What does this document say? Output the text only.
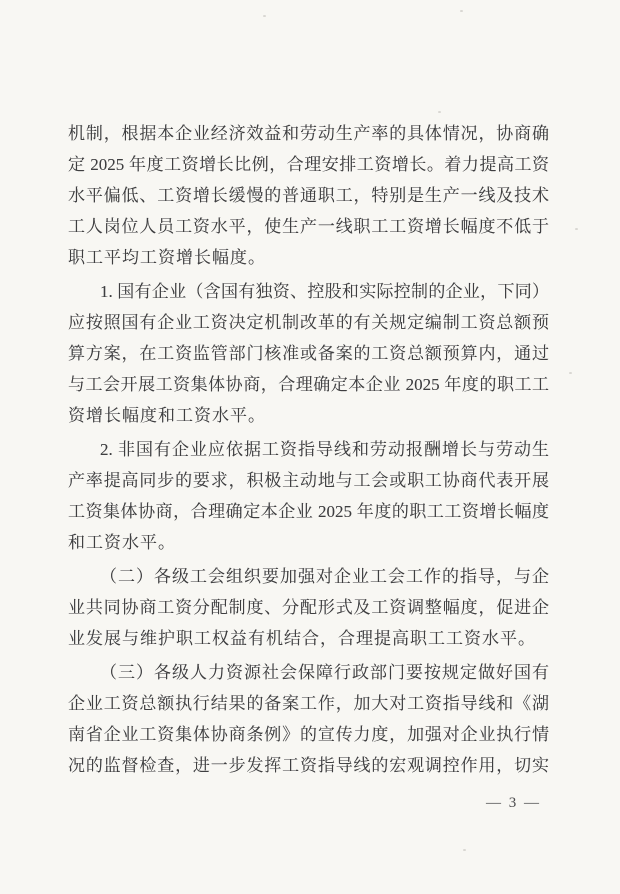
机制，根据本企业经济效益和劳动生产率的具体情况，协商确
定 2025 年度工资增长比例，合理安排工资增长。着力提高工资
水平偏低、工资增长缓慢的普通职工，特别是生产一线及技术
工人岗位人员工资水平，使生产一线职工工资增长幅度不低于
职工平均工资增长幅度。
1. 国有企业（含国有独资、控股和实际控制的企业，下同）
应按照国有企业工资决定机制改革的有关规定编制工资总额预
算方案，在工资监管部门核准或备案的工资总额预算内，通过
与工会开展工资集体协商，合理确定本企业 2025 年度的职工工
资增长幅度和工资水平。
2. 非国有企业应依据工资指导线和劳动报酬增长与劳动生
产率提高同步的要求，积极主动地与工会或职工协商代表开展
工资集体协商，合理确定本企业 2025 年度的职工工资增长幅度
和工资水平。
（二）各级工会组织要加强对企业工会工作的指导，与企
业共同协商工资分配制度、分配形式及工资调整幅度，促进企
业发展与维护职工权益有机结合，合理提高职工工资水平。
（三）各级人力资源社会保障行政部门要按规定做好国有
企业工资总额执行结果的备案工作，加大对工资指导线和《湖
南省企业工资集体协商条例》的宣传力度，加强对企业执行情
况的监督检查，进一步发挥工资指导线的宏观调控作用，切实
— 3 —
